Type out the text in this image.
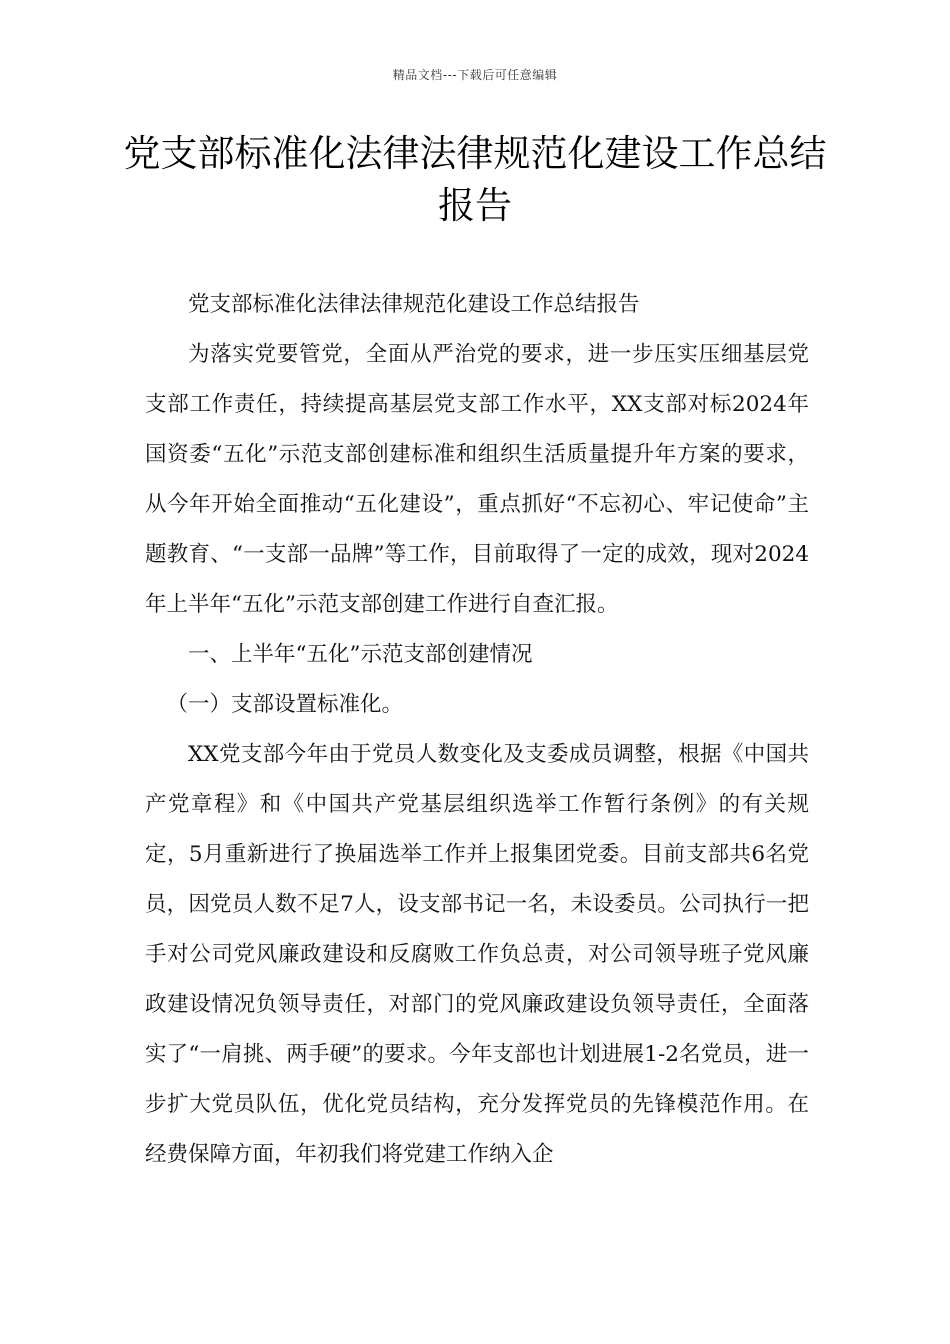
精品文档---下载后可任意编辑
党支部标准化法律法律规范化建设工作总结报告

党支部标准化法律法律规范化建设工作总结报告

为落实党要管党，全面从严治党的要求，进一步压实压细基层党支部工作责任，持续提高基层党支部工作水平，XX支部对标2024年国资委“五化”示范支部创建标准和组织生活质量提升年方案的要求，从今年开始全面推动“五化建设”，重点抓好“不忘初心、牢记使命”主题教育、“一支部一品牌”等工作，目前取得了一定的成效，现对2024年上半年“五化”示范支部创建工作进行自查汇报。

一、上半年“五化”示范支部创建情况

（一）支部设置标准化。

XX党支部今年由于党员人数变化及支委成员调整，根据《中国共产党章程》和《中国共产党基层组织选举工作暂行条例》的有关规定，5月重新进行了换届选举工作并上报集团党委。目前支部共6名党员，因党员人数不足7人，设支部书记一名，未设委员。公司执行一把手对公司党风廉政建设和反腐败工作负总责，对公司领导班子党风廉政建设情况负领导责任，对部门的党风廉政建设负领导责任，全面落实了“一肩挑、两手硬”的要求。今年支部也计划进展1-2名党员，进一步扩大党员队伍，优化党员结构，充分发挥党员的先锋模范作用。在经费保障方面，年初我们将党建工作纳入企
